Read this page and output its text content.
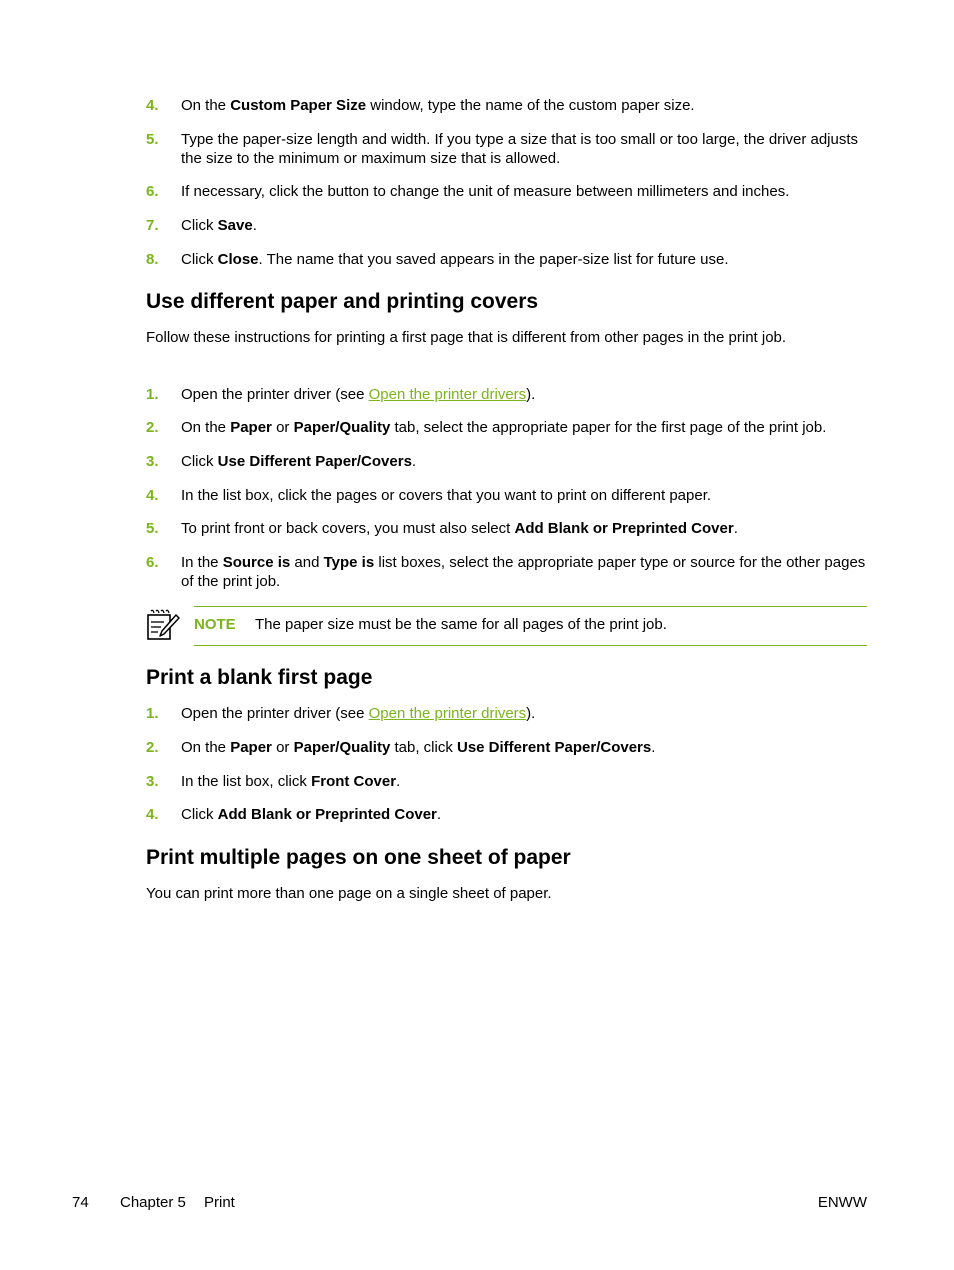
4. On the Custom Paper Size window, type the name of the custom paper size.
5. Type the paper-size length and width. If you type a size that is too small or too large, the driver adjusts the size to the minimum or maximum size that is allowed.
6. If necessary, click the button to change the unit of measure between millimeters and inches.
7. Click Save.
8. Click Close. The name that you saved appears in the paper-size list for future use.
Use different paper and printing covers
Follow these instructions for printing a first page that is different from other pages in the print job.
1. Open the printer driver (see Open the printer drivers).
2. On the Paper or Paper/Quality tab, select the appropriate paper for the first page of the print job.
3. Click Use Different Paper/Covers.
4. In the list box, click the pages or covers that you want to print on different paper.
5. To print front or back covers, you must also select Add Blank or Preprinted Cover.
6. In the Source is and Type is list boxes, select the appropriate paper type or source for the other pages of the print job.
NOTE The paper size must be the same for all pages of the print job.
Print a blank first page
1. Open the printer driver (see Open the printer drivers).
2. On the Paper or Paper/Quality tab, click Use Different Paper/Covers.
3. In the list box, click Front Cover.
4. Click Add Blank or Preprinted Cover.
Print multiple pages on one sheet of paper
You can print more than one page on a single sheet of paper.
74 Chapter 5 Print	ENWW
